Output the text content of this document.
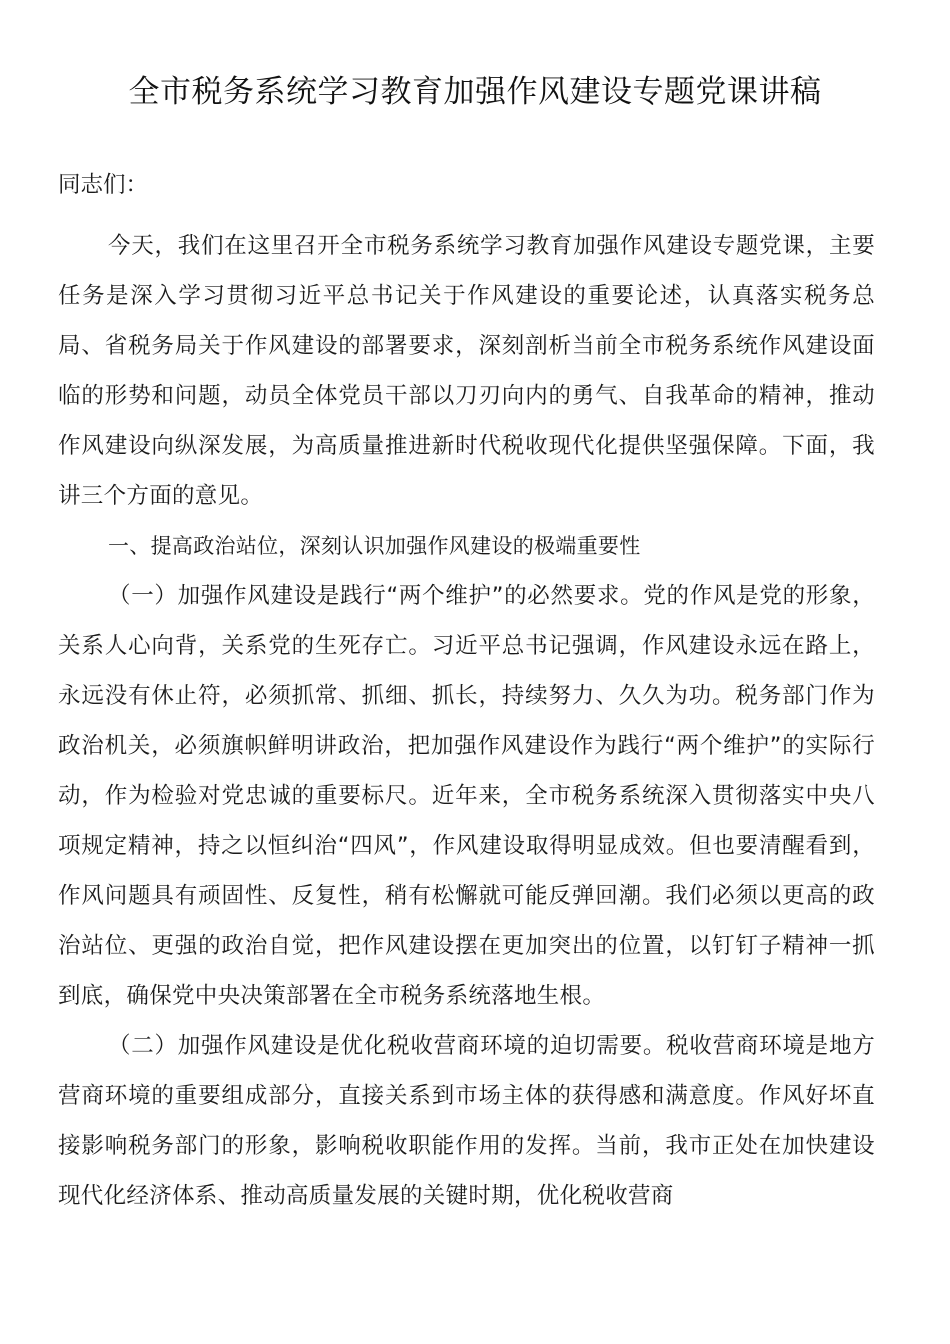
全市税务系统学习教育加强作风建设专题党课讲稿

同志们：

今天，我们在这里召开全市税务系统学习教育加强作风建设专题党课，主要任务是深入学习贯彻习近平总书记关于作风建设的重要论述，认真落实税务总局、省税务局关于作风建设的部署要求，深刻剖析当前全市税务系统作风建设面临的形势和问题，动员全体党员干部以刀刃向内的勇气、自我革命的精神，推动作风建设向纵深发展，为高质量推进新时代税收现代化提供坚强保障。下面，我讲三个方面的意见。

一、提高政治站位，深刻认识加强作风建设的极端重要性

（一）加强作风建设是践行“两个维护”的必然要求。党的作风是党的形象，关系人心向背，关系党的生死存亡。习近平总书记强调，作风建设永远在路上，永远没有休止符，必须抓常、抓细、抓长，持续努力、久久为功。税务部门作为政治机关，必须旗帜鲜明讲政治，把加强作风建设作为践行“两个维护”的实际行动，作为检验对党忠诚的重要标尺。近年来，全市税务系统深入贯彻落实中央八项规定精神，持之以恒纠治“四风”，作风建设取得明显成效。但也要清醒看到，作风问题具有顽固性、反复性，稍有松懈就可能反弹回潮。我们必须以更高的政治站位、更强的政治自觉，把作风建设摆在更加突出的位置，以钉钉子精神一抓到底，确保党中央决策部署在全市税务系统落地生根。

（二）加强作风建设是优化税收营商环境的迫切需要。税收营商环境是地方营商环境的重要组成部分，直接关系到市场主体的获得感和满意度。作风好坏直接影响税务部门的形象，影响税收职能作用的发挥。当前，我市正处在加快建设现代化经济体系、推动高质量发展的关键时期，优化税收营商
